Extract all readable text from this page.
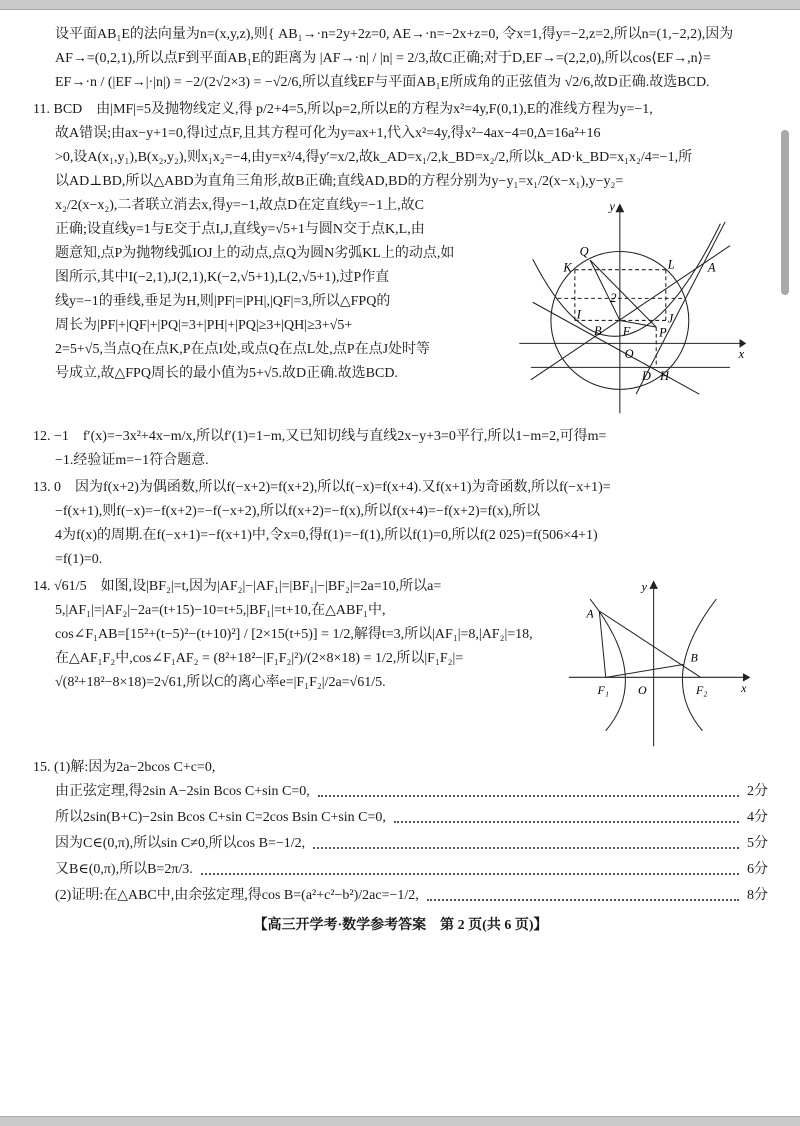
设平面AB₁E的法向量为n=(x,y,z),则{ AB₁→·n=2y+2z=0, AE→·n=−2x+z=0, 令x=1,得y=−2,z=2,所以n=(1,−2,2),因为
AF→=(0,2,1),所以点F到平面AB₁E的距离为 |AF→·n| / |n| = 2/3,故C正确;对于D,EF→=(2,2,0),所以cos⟨EF→,n⟩=
EF→·n / (|EF→|·|n|) = −2/(2√2×3) = −√2/6,所以直线EF与平面AB₁E所成角的正弦值为 √2/6,故D正确.故选BCD.
11. BCD　由|MF|=5及抛物线定义,得 p/2+4=5,所以p=2,所以E的方程为x²=4y,F(0,1),E的准线方程为y=−1,
故A错误;由ax−y+1=0,得l过点F,且其方程可化为y=ax+1,代入x²=4y,得x²−4ax−4=0,Δ=16a²+16
>0,设A(x₁,y₁),B(x₂,y₂),则x₁x₂=−4,由y=x²/4,得y′=x/2,故k_AD=x₁/2,k_BD=x₂/2,所以k_AD·k_BD=x₁x₂/4=−1,所
以AD⊥BD,所以△ABD为直角三角形,故B正确;直线AD,BD的方程分别为y−y₁=x₁/2(x−x₁),y−y₂=
x₂/2(x−x₂),二者联立消去x,得y=−1,故点D在定直线y=−1上,故C
正确;设直线y=1与E交于点I,J,直线y=√5+1与圆N交于点K,L,由
题意知,点P为抛物线弧IOJ上的动点,点Q为圆N劣弧KL上的动点,如
图所示,其中I(−2,1),J(2,1),K(−2,√5+1),L(2,√5+1),过P作直
线y=−1的垂线,垂足为H,则|PF|=|PH|,|QF|=3,所以△FPQ的
周长为|PF|+|QF|+|PQ|=3+|PH|+|PQ|≥3+|QH|≥3+√5+
2=5+√5,当点Q在点K,P在点I处,或点Q在点L处,点P在点J处时等
号成立,故△FPQ周长的最小值为5+√5.故D正确.故选BCD.
y
x
Q
K	L	A
2
I	J
B F P
O
D H
12. −1　f′(x)=−3x²+4x−m/x,所以f′(1)=1−m,又已知切线与直线2x−y+3=0平行,所以1−m=2,可得m=
−1.经验证m=−1符合题意.
13. 0　因为f(x+2)为偶函数,所以f(−x+2)=f(x+2),所以f(−x)=f(x+4).又f(x+1)为奇函数,所以f(−x+1)=
−f(x+1),则f(−x)=−f(x+2)=−f(−x+2),所以f(x+2)=−f(x),所以f(x+4)=−f(x+2)=f(x),所以
4为f(x)的周期.在f(−x+1)=−f(x+1)中,令x=0,得f(1)=−f(1),所以f(1)=0,所以f(2 025)=f(506×4+1)
=f(1)=0.
14. √61/5　如图,设|BF₂|=t,因为|AF₂|−|AF₁|=|BF₁|−|BF₂|=2a=10,所以a=
5,|AF₁|=|AF₂|−2a=(t+15)−10=t+5,|BF₁|=t+10,在△ABF₁中,
cos∠F₁AB=[15²+(t−5)²−(t+10)²] / [2×15(t+5)] = 1/2,解得t=3,所以|AF₁|=8,|AF₂|=18,
在△AF₁F₂中,cos∠F₁AF₂ = (8²+18²−|F₁F₂|²)/(2×8×18) = 1/2,所以|F₁F₂|=
√(8²+18²−8×18)=2√61,所以C的离心率e=|F₁F₂|/2a=√61/5.
y
x
A
B
F₁ O	F₂
15. (1)解:因为2a−2bcos C+c=0,
由正弦定理,得2sin A−2sin Bcos C+sin C=0,	2分
所以2sin(B+C)−2sin Bcos C+sin C=2cos Bsin C+sin C=0,	4分
因为C∈(0,π),所以sin C≠0,所以cos B=−1/2,	5分
又B∈(0,π),所以B=2π/3.	6分
(2)证明:在△ABC中,由余弦定理,得cos B=(a²+c²−b²)/2ac=−1/2,	8分
【高三开学考·数学参考答案　第 2 页(共 6 页)】
